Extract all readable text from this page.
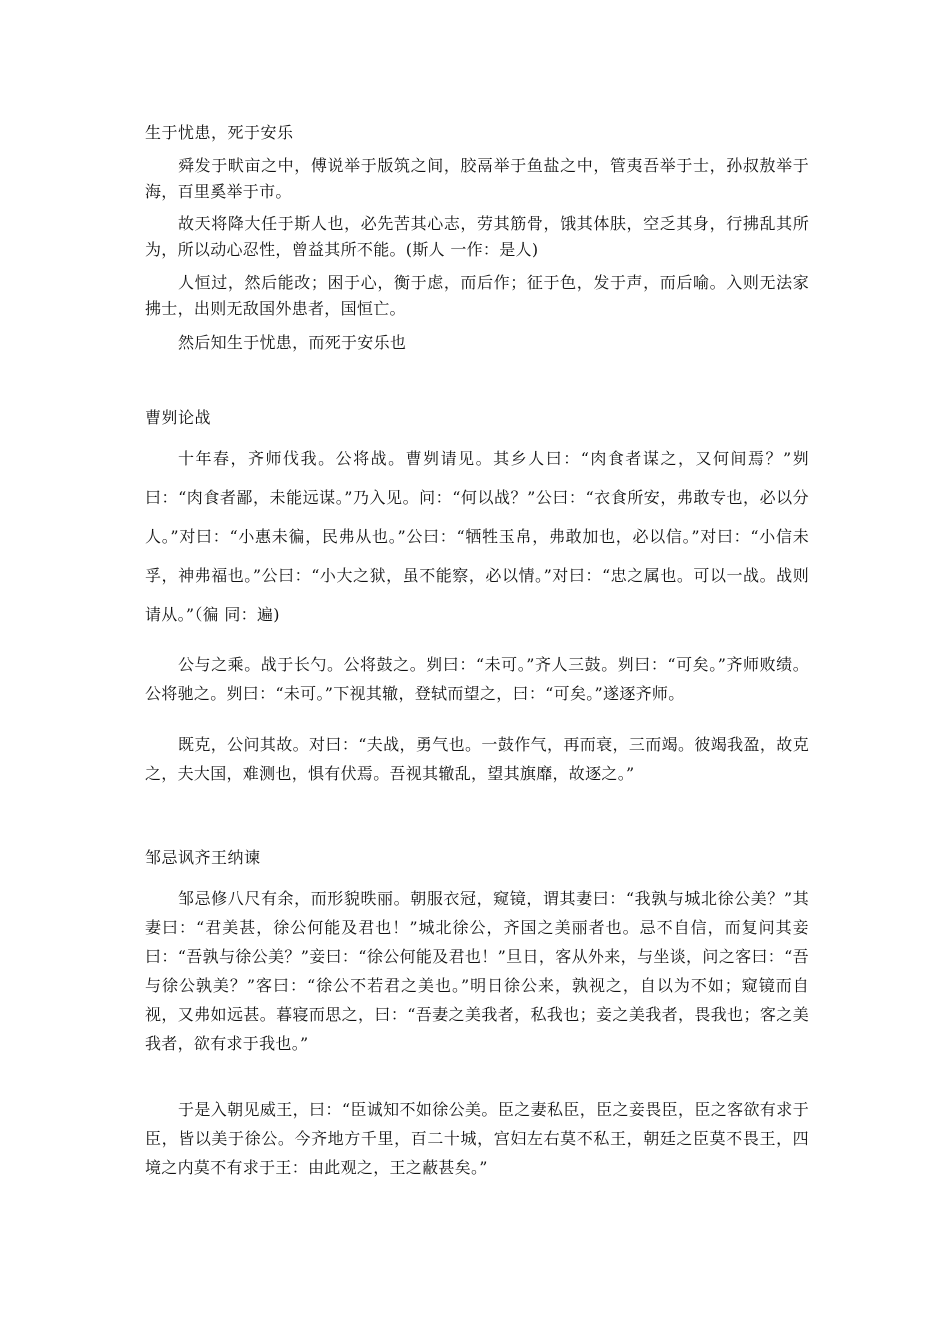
生于忧患，死于安乐

舜发于畎亩之中，傅说举于版筑之间，胶鬲举于鱼盐之中，管夷吾举于士，孙叔敖举于海，百里奚举于市。

故天将降大任于斯人也，必先苦其心志，劳其筋骨，饿其体肤，空乏其身，行拂乱其所为，所以动心忍性，曾益其所不能。(斯人 一作：是人)

人恒过，然后能改；困于心，衡于虑，而后作；征于色，发于声，而后喻。入则无法家拂士，出则无敌国外患者，国恒亡。

然后知生于忧患，而死于安乐也

曹刿论战

十年春，齐师伐我。公将战。曹刿请见。其乡人曰：“肉食者谋之，又何间焉？”刿曰：“肉食者鄙，未能远谋。”乃入见。问：“何以战？”公曰：“衣食所安，弗敢专也，必以分人。”对曰：“小惠未徧，民弗从也。”公曰：“牺牲玉帛，弗敢加也，必以信。”对曰：“小信未孚，神弗福也。”公曰：“小大之狱，虽不能察，必以情。”对曰：“忠之属也。可以一战。战则请从。”（徧 同：遍)

公与之乘。战于长勺。公将鼓之。刿曰：“未可。”齐人三鼓。刿曰：“可矣。”齐师败绩。公将驰之。刿曰：“未可。”下视其辙，登轼而望之，曰：“可矣。”遂逐齐师。

既克，公问其故。对曰：“夫战，勇气也。一鼓作气，再而衰，三而竭。彼竭我盈，故克之，夫大国，难测也，惧有伏焉。吾视其辙乱，望其旗靡，故逐之。”

邹忌讽齐王纳谏

邹忌修八尺有余，而形貌昳丽。朝服衣冠，窥镜，谓其妻曰：“我孰与城北徐公美？”其妻曰：“君美甚，徐公何能及君也！”城北徐公，齐国之美丽者也。忌不自信，而复问其妾曰：“吾孰与徐公美？”妾曰：“徐公何能及君也！”旦日，客从外来，与坐谈，问之客曰：“吾与徐公孰美？”客曰：“徐公不若君之美也。”明日徐公来，孰视之，自以为不如；窥镜而自视，又弗如远甚。暮寝而思之，曰：“吾妻之美我者，私我也；妾之美我者，畏我也；客之美我者，欲有求于我也。”

于是入朝见威王，曰：“臣诚知不如徐公美。臣之妻私臣，臣之妾畏臣，臣之客欲有求于臣，皆以美于徐公。今齐地方千里，百二十城，宫妇左右莫不私王，朝廷之臣莫不畏王，四境之内莫不有求于王：由此观之，王之蔽甚矣。”
